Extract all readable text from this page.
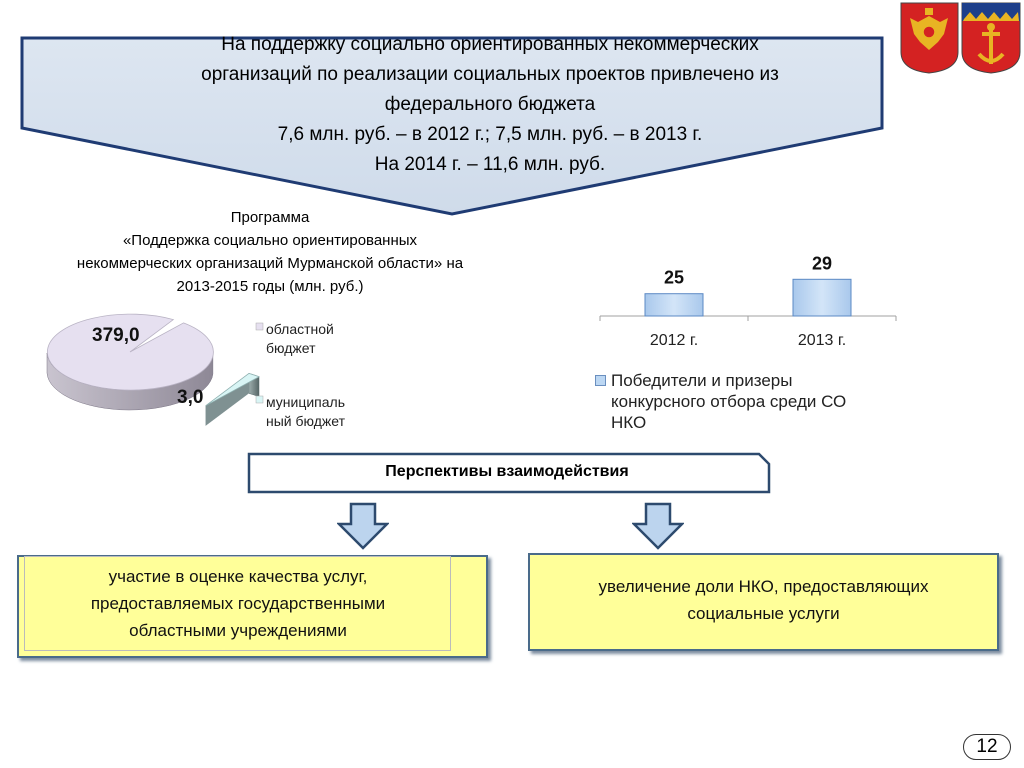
На поддержку социально ориентированных некоммерческих
организаций по реализации социальных проектов привлечено из
федерального бюджета
7,6 млн. руб. – в 2012 г.; 7,5 млн. руб. – в 2013 г.
На 2014 г. – 11,6 млн. руб.
Программа
«Поддержка социально ориентированных
некоммерческих организаций Мурманской области» на
2013-2015 годы (млн. руб.)
379,0
3,0
областной
бюджет
муниципаль
ный бюджет
25
2012 г.
29
2013 г.
Победители и призеры
конкурсного отбора среди СО
НКО
Перспективы взаимодействия
участие в оценке качества услуг,
предоставляемых государственными
областными учреждениями
увеличение доли НКО, предоставляющих
социальные услуги
12
